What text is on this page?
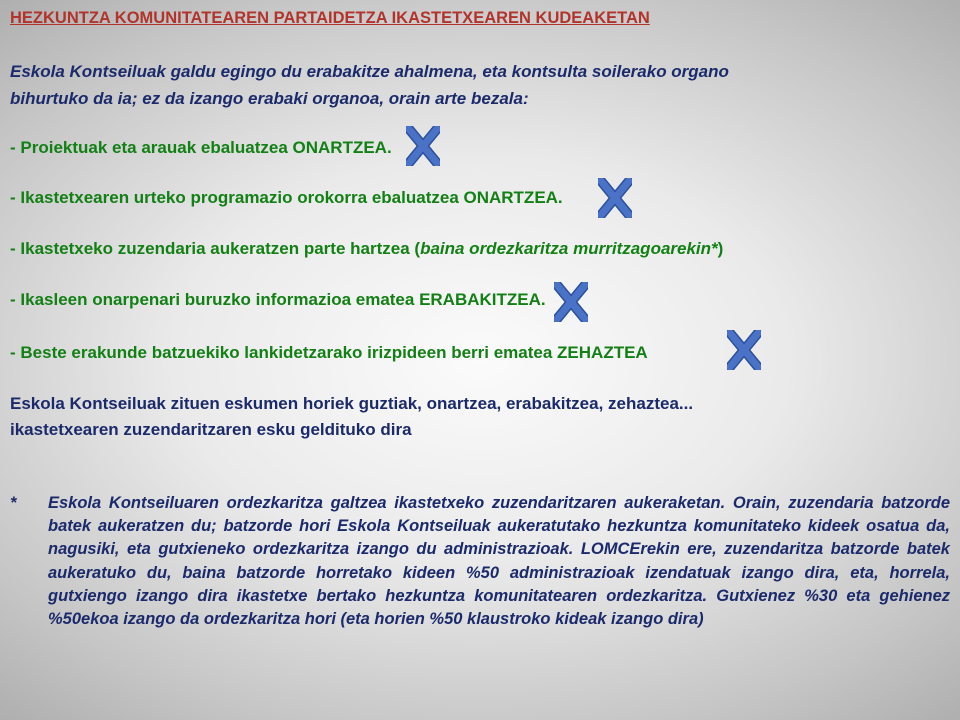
HEZKUNTZA KOMUNITATEAREN PARTAIDETZA IKASTETXEAREN KUDEAKETAN
Eskola Kontseiluak galdu egingo du erabakitze ahalmena, eta kontsulta soilerako organo
bihurtuko da ia; ez da izango erabaki organoa, orain arte bezala:
- Proiektuak eta arauak ebaluatzea ONARTZEA.
- Ikastetxearen urteko programazio orokorra ebaluatzea ONARTZEA.
- Ikastetxeko zuzendaria aukeratzen parte hartzea (baina ordezkaritza murritzagoarekin*)
- Ikasleen onarpenari buruzko informazioa ematea ERABAKITZEA.
- Beste erakunde batzuekiko lankidetzarako irizpideen berri ematea ZEHAZTEA
Eskola Kontseiluak zituen eskumen horiek guztiak, onartzea, erabakitzea, zehaztea...
ikastetxearen zuzendaritzaren esku geldituko dira
* Eskola Kontseiluaren ordezkaritza galtzea ikastetxeko zuzendaritzaren aukeraketan. Orain, zuzendaria batzorde batek aukeratzen du; batzorde hori Eskola Kontseiluak aukeratutako hezkuntza komunitateko kideek osatua da, nagusiki, eta gutxieneko ordezkaritza izango du administrazioak. LOMCErekin ere, zuzendaritza batzorde batek aukeratuko du, baina batzorde horretako kideen %50 administrazioak izendatuak izango dira, eta, horrela, gutxiengo izango dira ikastetxe bertako hezkuntza komunitatearen ordezkaritza. Gutxienez %30 eta gehienez %50ekoa izango da ordezkaritza hori (eta horien %50 klaustroko kideak izango dira)
